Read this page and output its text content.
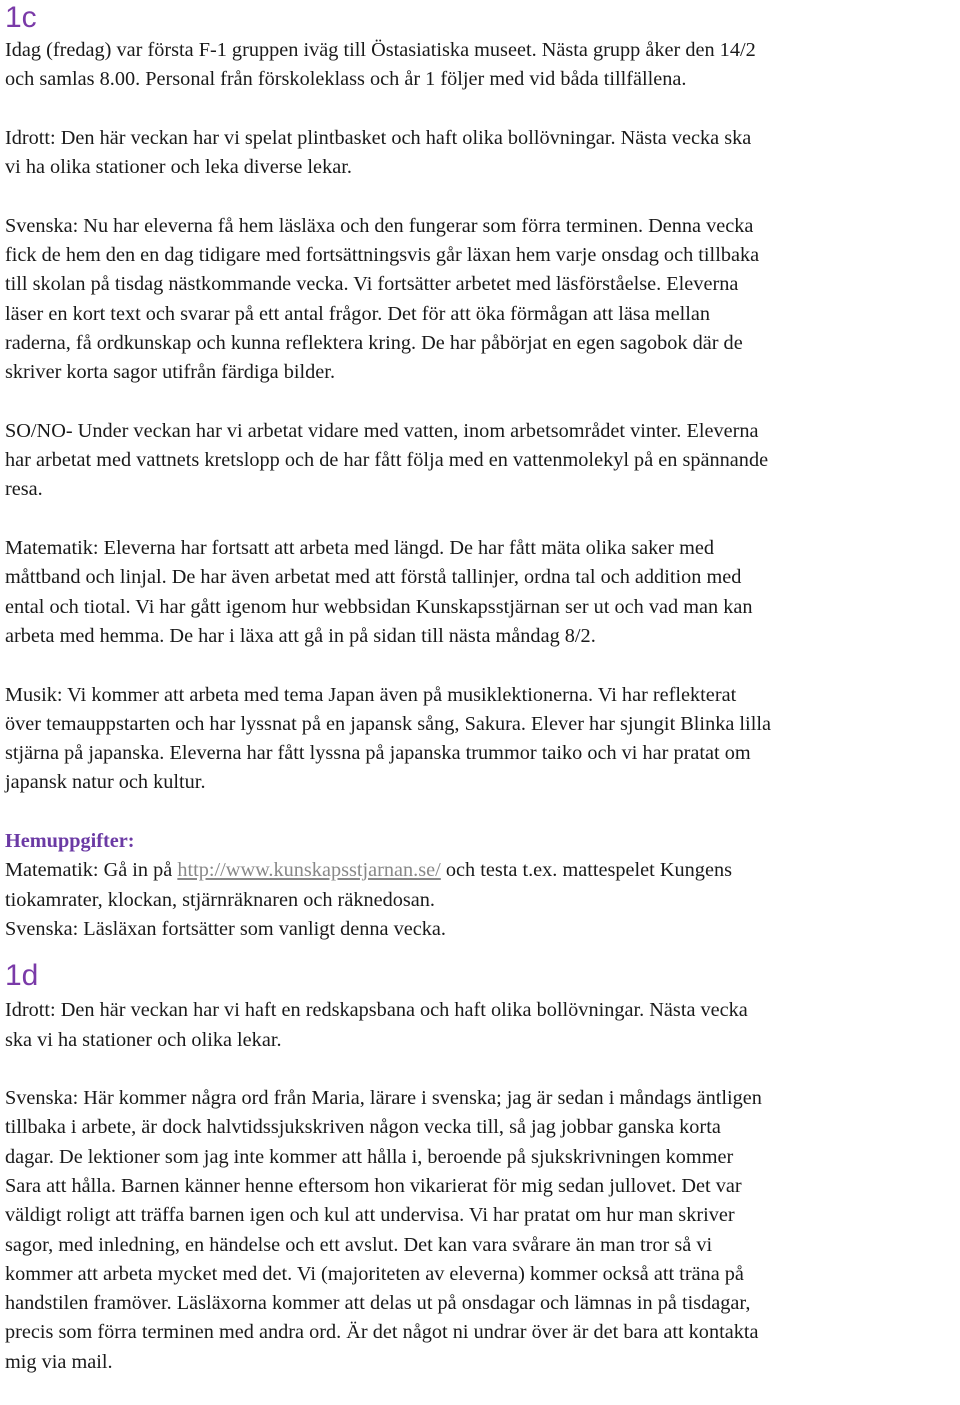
1c
Idag (fredag) var första F-1 gruppen iväg till Östasiatiska museet. Nästa grupp åker den 14/2
och samlas 8.00. Personal från förskoleklass och år 1 följer med vid båda tillfällena.
Idrott: Den här veckan har vi spelat plintbasket och haft olika bollövningar. Nästa vecka ska
vi ha olika stationer och leka diverse lekar.
Svenska: Nu har eleverna få hem läsläxa och den fungerar som förra terminen. Denna vecka
fick de hem den en dag tidigare med fortsättningsvis går läxan hem varje onsdag och tillbaka
till skolan på tisdag nästkommande vecka. Vi fortsätter arbetet med läsförståelse. Eleverna
läser en kort text och svarar på ett antal frågor. Det för att öka förmågan att läsa mellan
raderna, få ordkunskap och kunna reflektera kring. De har påbörjat en egen sagobok där de
skriver korta sagor utifrån färdiga bilder.
SO/NO- Under veckan har vi arbetat vidare med vatten, inom arbetsområdet vinter. Eleverna
har arbetat med vattnets kretslopp och de har fått följa med en vattenmolekyl på en spännande
resa.
Matematik: Eleverna har fortsatt att arbeta med längd. De har fått mäta olika saker med
måttband och linjal. De har även arbetat med att förstå tallinjer, ordna tal och addition med
ental och tiotal. Vi har gått igenom hur webbsidan Kunskapsstjärnan ser ut och vad man kan
arbeta med hemma. De har i läxa att gå in på sidan till nästa måndag 8/2.
Musik: Vi kommer att arbeta med tema Japan även på musiklektionerna. Vi har reflekterat
över temauppstarten och har lyssnat på en japansk sång, Sakura. Elever har sjungit Blinka lilla
stjärna på japanska. Eleverna har fått lyssna på japanska trummor taiko och vi har pratat om
japansk natur och kultur.
Hemuppgifter:
Matematik: Gå in på http://www.kunskapsstjarnan.se/ och testa t.ex. mattespelet Kungens
tiokamrater, klockan, stjärnräknaren och räknedosan.
Svenska: Läsläxan fortsätter som vanligt denna vecka.
1d
Idrott: Den här veckan har vi haft en redskapsbana och haft olika bollövningar. Nästa vecka
ska vi ha stationer och olika lekar.
Svenska: Här kommer några ord från Maria, lärare i svenska; jag är sedan i måndags äntligen
tillbaka i arbete, är dock halvtidssjukskriven någon vecka till, så jag jobbar ganska korta
dagar. De lektioner som jag inte kommer att hålla i, beroende på sjukskrivningen kommer
Sara att hålla. Barnen känner henne eftersom hon vikarierat för mig sedan jullovet. Det var
väldigt roligt att träffa barnen igen och kul att undervisa. Vi har pratat om hur man skriver
sagor, med inledning, en händelse och ett avslut. Det kan vara svårare än man tror så vi
kommer att arbeta mycket med det. Vi (majoriteten av eleverna) kommer också att träna på
handstilen framöver. Läsläxorna kommer att delas ut på onsdagar och lämnas in på tisdagar,
precis som förra terminen med andra ord. Är det något ni undrar över är det bara att kontakta
mig via mail.
